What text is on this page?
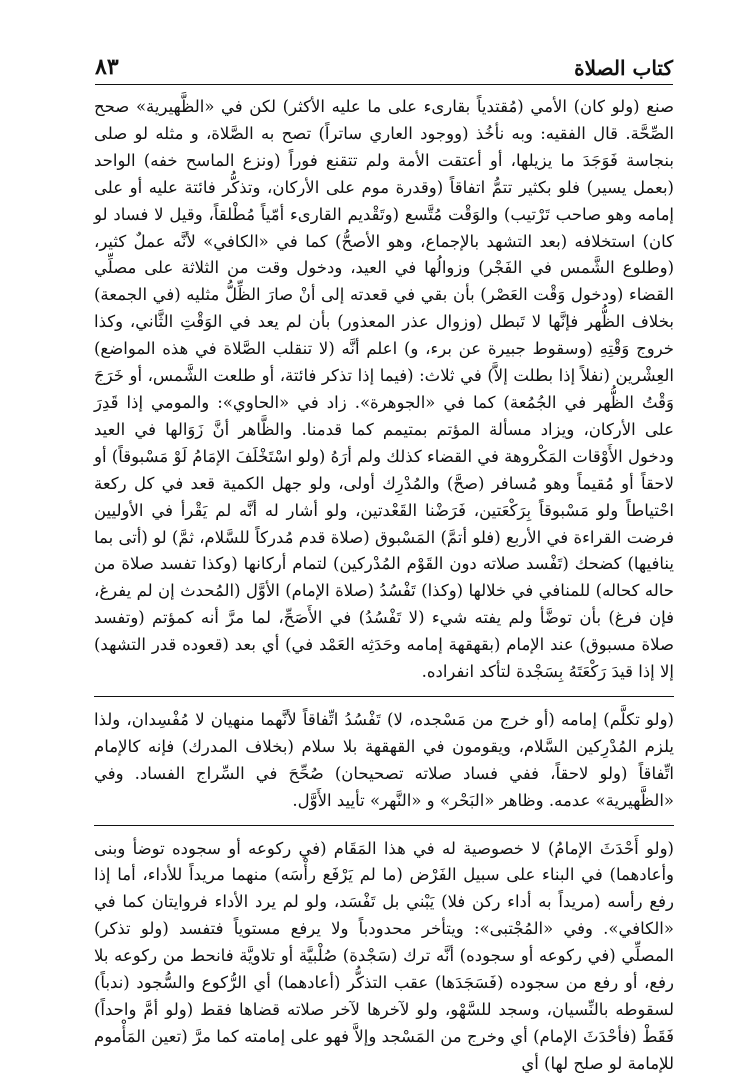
كتاب الصلاة
٨٣

صنع (ولو كان) الأمي (مُقتدياً بقارىء على ما عليه الأكثر) لكن في «الظَّهيرية» صحح الصِّحَّة. قال الفقيه: وبه نأخُذ (ووجود العاري ساتراً) تصح به الصَّلاة، و مثله لو صلى بنجاسة فَوَجَدَ ما يزيلها، أو أعتقت الأمة ولم تتقنع فوراً (ونزع الماسح خفه) الواحد (بعمل يسير) فلو بكثير تتمُّ اتفاقاً (وقدرة موم على الأركان، وتذكُّر فائتة عليه أو على إمامه وهو صاحب تَرْتيب) والوَقْت مُتَّسع (وتَقْديم القارىء أمّياً مُطْلقاً، وقيل لا فساد لو كان) استخلافه (بعد التشهد بالإجماع، وهو الأصحُّ) كما في «الكافي» لأنَّه عملٌ كثير، (وطلوع الشَّمس في الفَجْر) وزوالُها في العيد، ودخول وقت من الثلاثة على مصلِّي القضاء (ودخول وَقْت العَصْر) بأن بقي في قعدته إلى أنْ صارَ الظِّلُّ مثليه (في الجمعة) بخلاف الظُّهر فإنَّها لا تَبطل (وزوال عذر المعذور) بأن لم يعد في الوَقْتِ الثَّاني، وكذا خروج وَقْتِهِ (وسقوط جبيرة عن برء، و) اعلم أنَّه (لا تنقلب الصَّلاة في هذه المواضع) العِشْرين (نفلاً إذا بطلت إلاَّ) في ثلاث: (فيما إذا تذكر فائتة، أو طلعت الشَّمس، أو خَرَجَ وَقْتُ الظُّهر في الجُمُعة) كما في «الجوهرة». زاد في «الحاوي»: والمومي إذا قَدِرَ على الأركان، ويزاد مسألة المؤتم بمتيمم كما قدمنا. والظَّاهر أنَّ زَوَالها في العيد ودخول الأَوْقات المَكْروهة في القضاء كذلك ولم أرَهُ (ولو اسْتَخْلَفَ الإمَامُ لَوْ مَسْبوقاً) أو لاحقاً أو مُقيماً وهو مُسافر (صحَّ) والمُدْرِك أولى، ولو جهل الكمية قعد في كل ركعة احْتياطاً ولو مَسْبوقاً بِرَكْعَتين، فَرَضْنا القَعْدتين، ولو أشار له أنَّه لم يَقْرأ في الأوليين فرضت القراءة في الأربع (فلو أتمَّ) المَسْبوق (صلاة قدم مُدركاً للسَّلام، ثمَّ) لو (أتى بما ينافيها) كضحك (تَفْسد صلاته دون القَوْم المُدْركين) لتمام أركانها (وكذا تفسد صلاة من حاله كحاله) للمنافي في خلالها (وكذا) تَفْسُدُ (صلاة الإمام) الأوَّل (المُحدث إن لم يفرغ، فإن فرغ) بأن توضَّأ ولم يفته شيء (لا تَفْسُدُ) في الأَصَحِّ، لما مرَّ أنه كمؤتم (وتفسد صلاة مسبوق) عند الإمام (بقهقهة إمامه وحَدَثِه العَمْد في) أي بعد (قعوده قدر التشهد) إلا إذا قيدَ رَكْعَتَهُ بِسَجْدة لتأكد انفراده.

(ولو تكلَّم) إمامه (أو خرج من مَسْجده، لا) تَفْسُدُ اتِّفاقاً لأنَّهما منهيان لا مُفْسِدان، ولذا يلزم المُدْرِكين السَّلام، ويقومون في القهقهة بلا سلام (بخلاف المدرك) فإنه كالإمام اتِّفاقاً (ولو لاحقاً، ففي فساد صلاته تصحيحان) صُحِّحَ في السِّراج الفساد. وفي «الظَّهيرية» عدمه. وظاهر «البَحْر» و «النَّهر» تأييد الأَوَّل.

(ولو أَحْدَثَ الإمامُ) لا خصوصية له في هذا المَقَام (في ركوعه أو سجوده توضأ وبنى وأعادهما) في البناء على سبيل الفَرْض (ما لم يَرْفَع رأْسَه) منهما مريداً للأداء، أما إذا رفع رأسه (مريداً به أداء ركن فلا) يَبْني بل تَفْسَد، ولو لم يرد الأداء فروايتان كما في «الكافي». وفي «المُجْتبى»: ويتأخر محدودباً ولا يرفع مستوياً فتفسد (ولو تذكر) المصلِّي (في ركوعه أو سجوده) أنَّه ترك (سَجْدة) صُلْبيَّة أو تلاويَّة فانحط من ركوعه بلا رفع، أو رفع من سجوده (فَسَجَدَها) عقب التذكُّر (أعادهما) أي الرُّكوع والسُّجود (ندباً) لسقوطه بالنِّسيان، وسجد للسَّهْو، ولو لآخرها لآخر صلاته قضاها فقط (ولو أمَّ واحداً) فَقَطْ (فأحْدَثَ الإمام) أي وخرج من المَسْجد وإلاَّ فهو على إمامته كما مرَّ (تعين المَأْموم للإمامة لو صلح لها) أي
